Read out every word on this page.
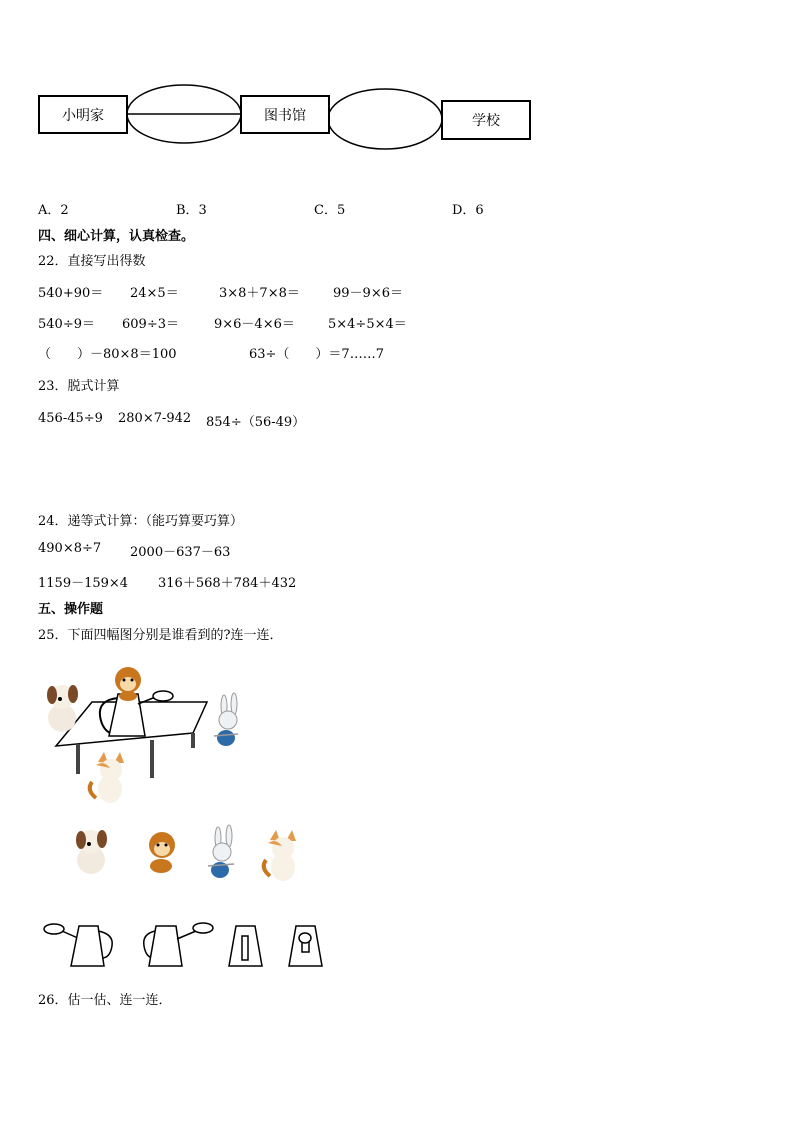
小明家	图书馆	学校
A．2	B．3	C．5	D．6
四、细心计算，认真检查。
22．直接写出得数
540+90＝ 24×5＝	3×8＋7×8＝	99－9×6＝
540÷9＝ 609÷3＝	9×6－4×6＝	5×4÷5×4＝
（　　）－80×8＝100	63÷（　　）＝7……7
23．脱式计算
456-45÷9 280×7-942 854÷（56-49）
24．递等式计算：（能巧算要巧算）
490×8÷7 2000－637－63
1159－159×4 316＋568＋784＋432
五、操作题
25．下面四幅图分别是谁看到的?连一连．
26．估一估、连一连．
